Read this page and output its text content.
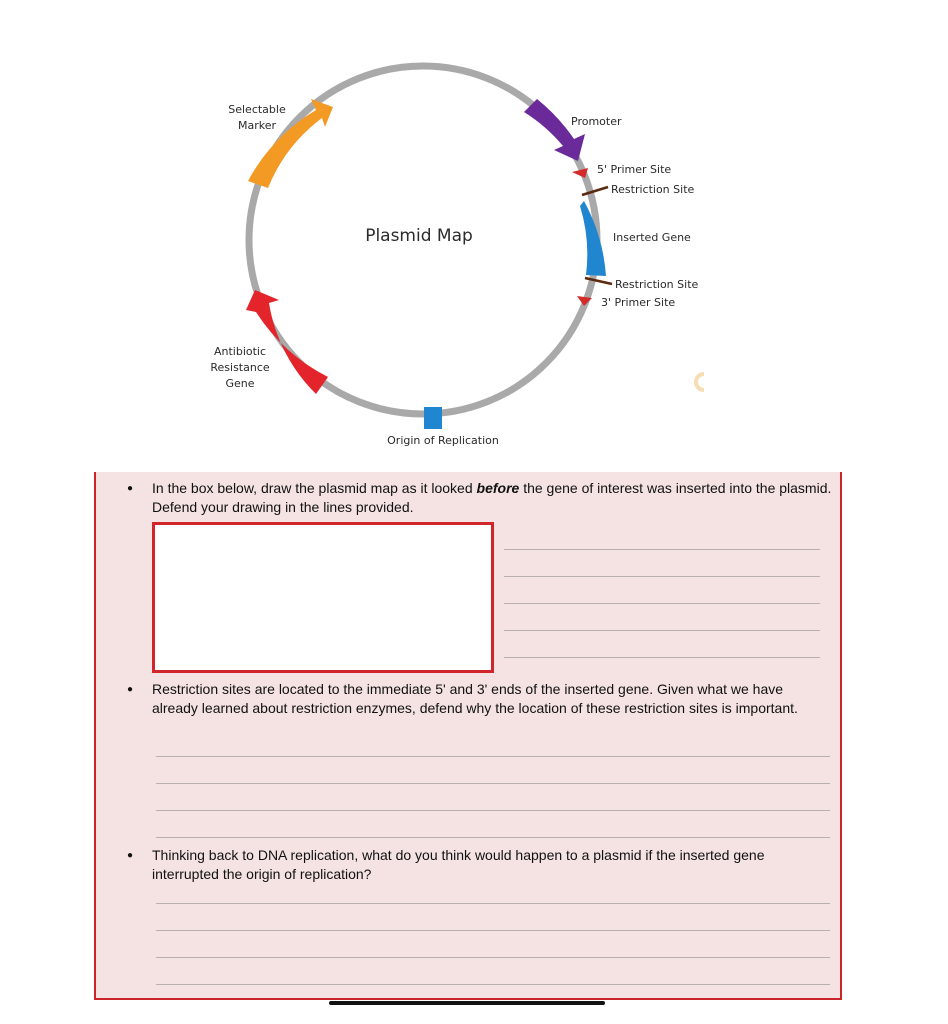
Plasmid Map
Selectable
Marker	Promoter
5' Primer Site
Restriction Site
Inserted Gene
Restriction Site
3' Primer Site
Antibiotic
Resistance
Gene
Origin of Replication
● In the box below, draw the plasmid map as it looked before the gene of interest was inserted into the plasmid. Defend your drawing in the lines provided.
● Restriction sites are located to the immediate 5' and 3' ends of the inserted gene. Given what we have already learned about restriction enzymes, defend why the location of these restriction sites is important.
● Thinking back to DNA replication, what do you think would happen to a plasmid if the inserted gene interrupted the origin of replication?
